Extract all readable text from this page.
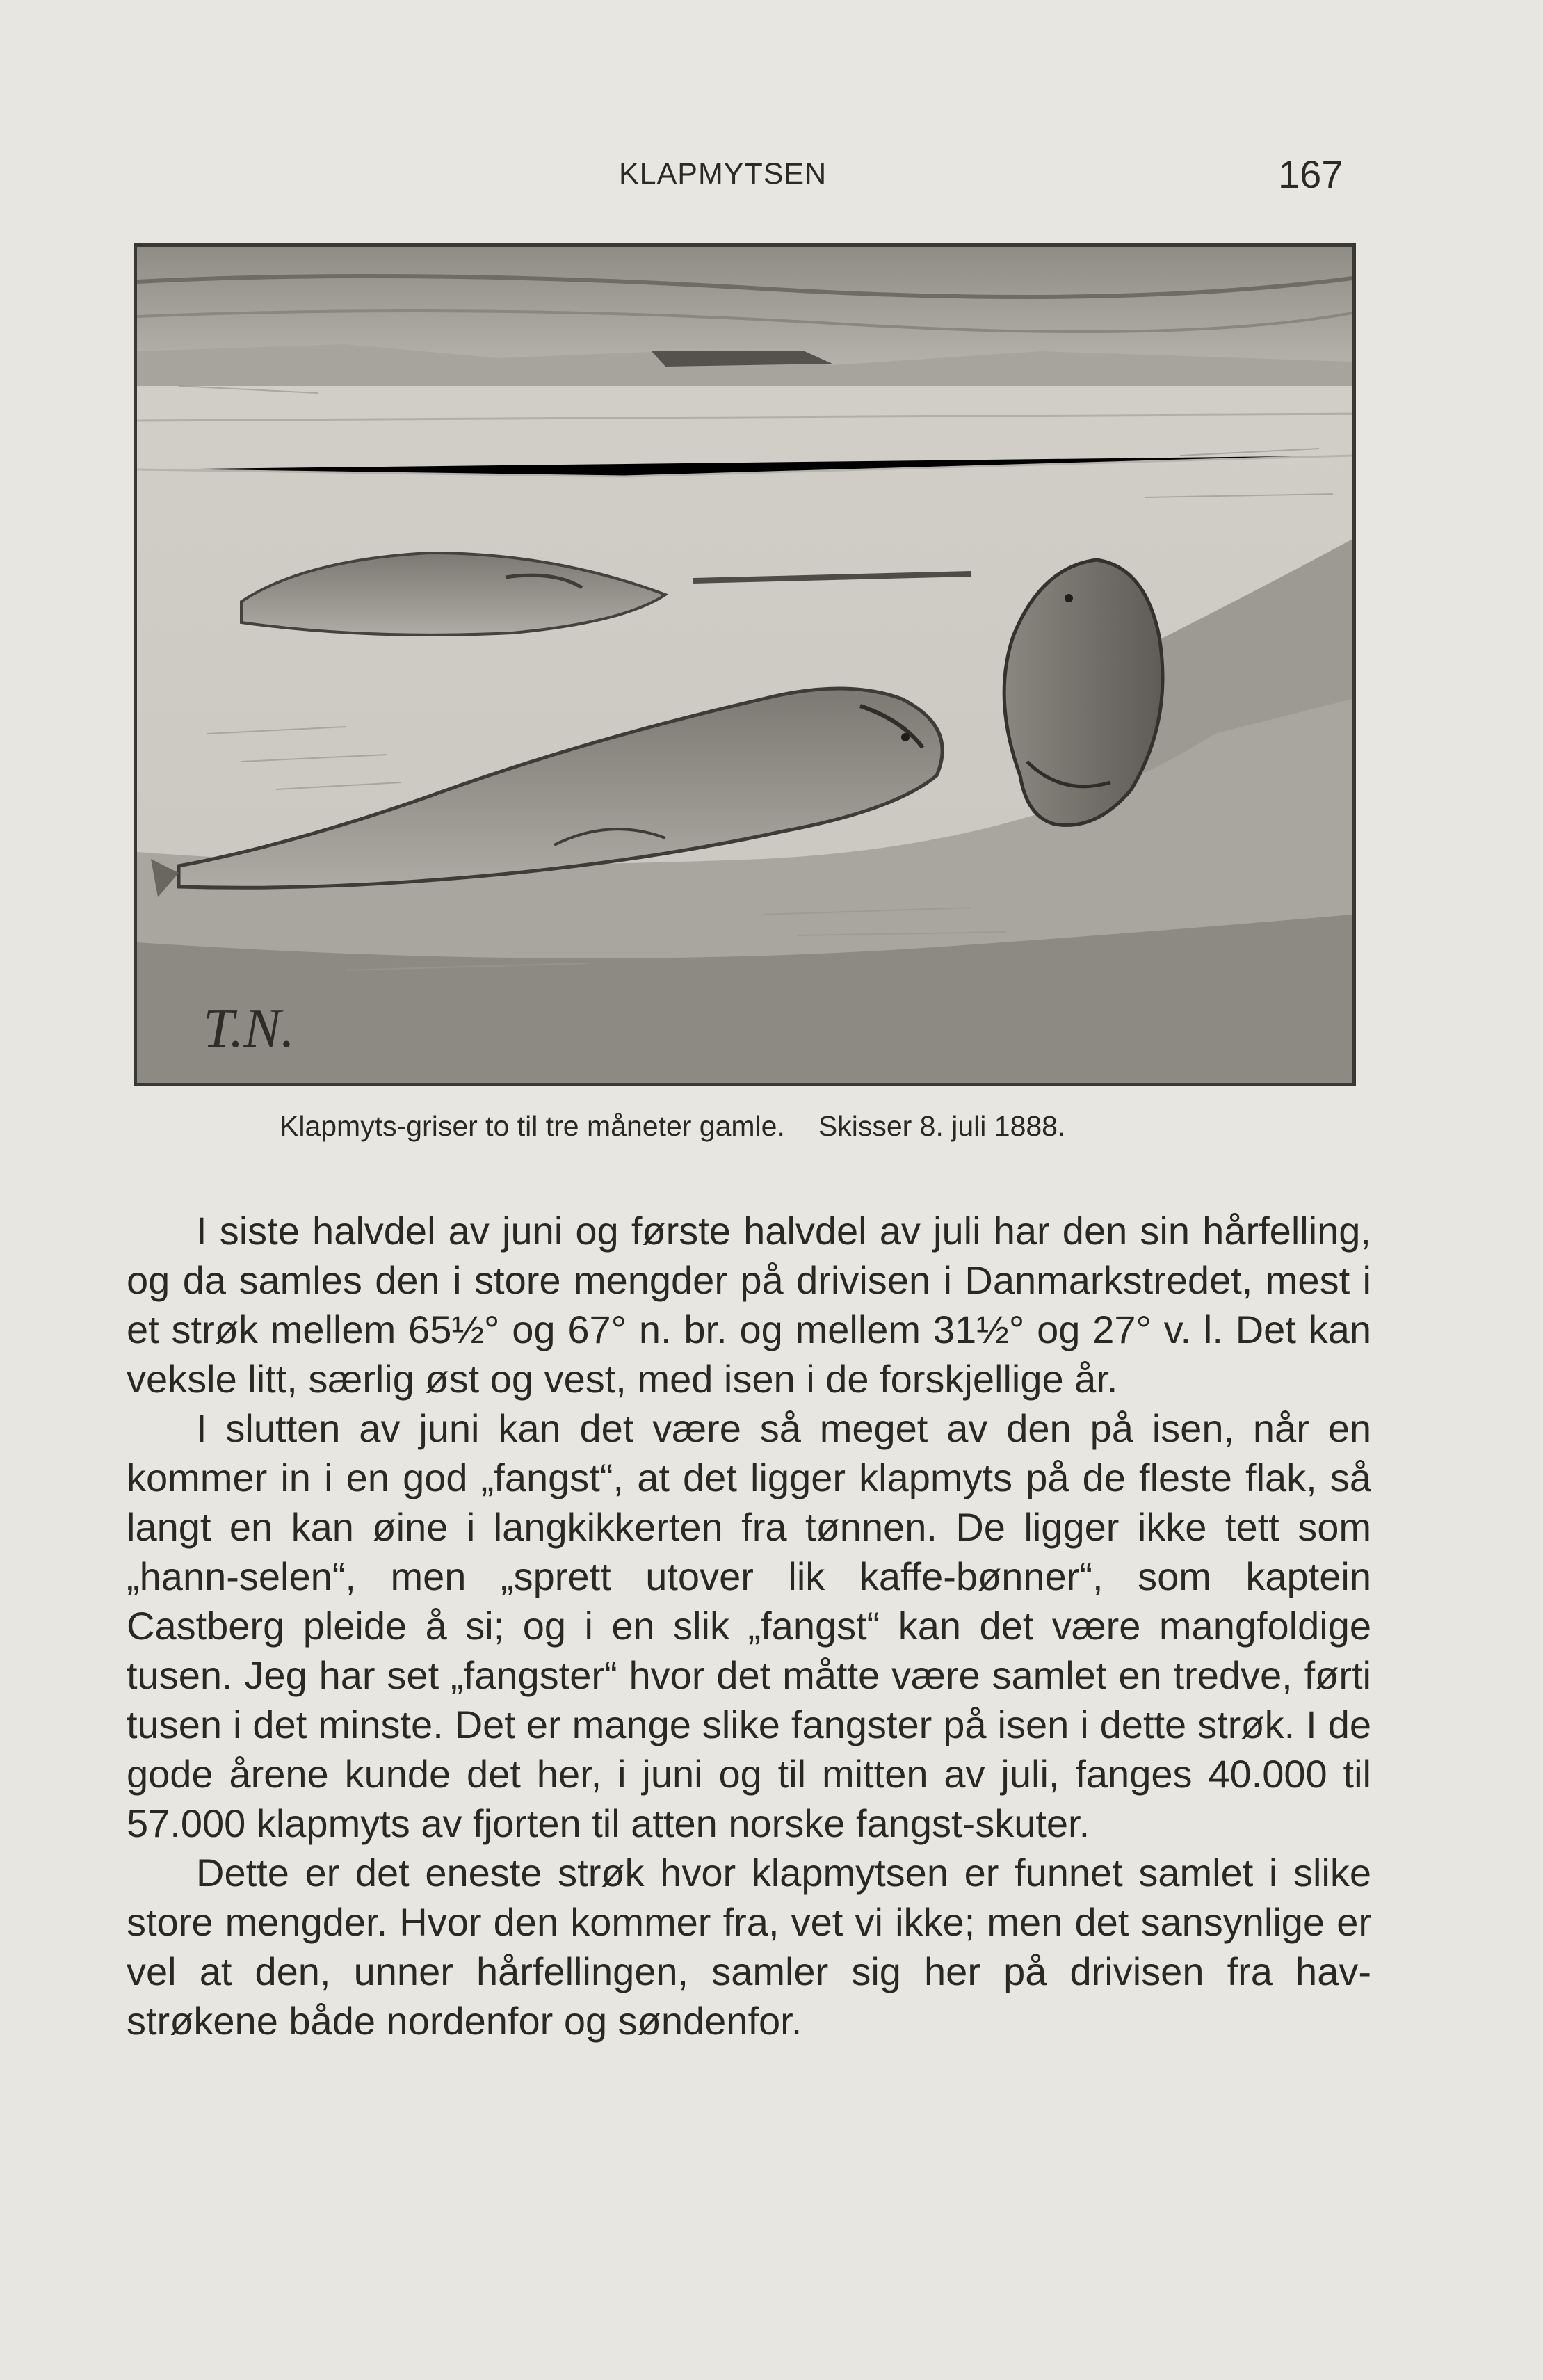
KLAPMYTSEN	167
T.N.
Klapmyts-griser to til tre måneter gamle. Skisser 8. juli 1888.

I siste halvdel av juni og første halvdel av juli har den sin hårfelling, og da samles den i store mengder på drivisen i Danmarkstredet, mest i et strøk mellem 65½° og 67° n. br. og mellem 31½° og 27° v. l. Det kan veksle litt, særlig øst og vest, med isen i de forskjellige år.

I slutten av juni kan det være så meget av den på isen, når en kommer in i en god „fangst“, at det ligger klapmyts på de fleste flak, så langt en kan øine i langkikkerten fra tønnen. De ligger ikke tett som „hann-selen“, men „sprett utover lik kaffe-bønner“, som kaptein Castberg pleide å si; og i en slik „fangst“ kan det være mangfoldige tusen. Jeg har set „fangster“ hvor det måtte være samlet en tredve, førti tusen i det minste. Det er mange slike fangster på isen i dette strøk. I de gode årene kunde det her, i juni og til mitten av juli, fanges 40.000 til 57.000 klapmyts av fjorten til atten norske fangst-skuter.

Dette er det eneste strøk hvor klapmytsen er funnet samlet i slike store mengder. Hvor den kommer fra, vet vi ikke; men det sansynlige er vel at den, unner hårfellingen, samler sig her på drivisen fra hav-strøkene både nordenfor og søndenfor.
